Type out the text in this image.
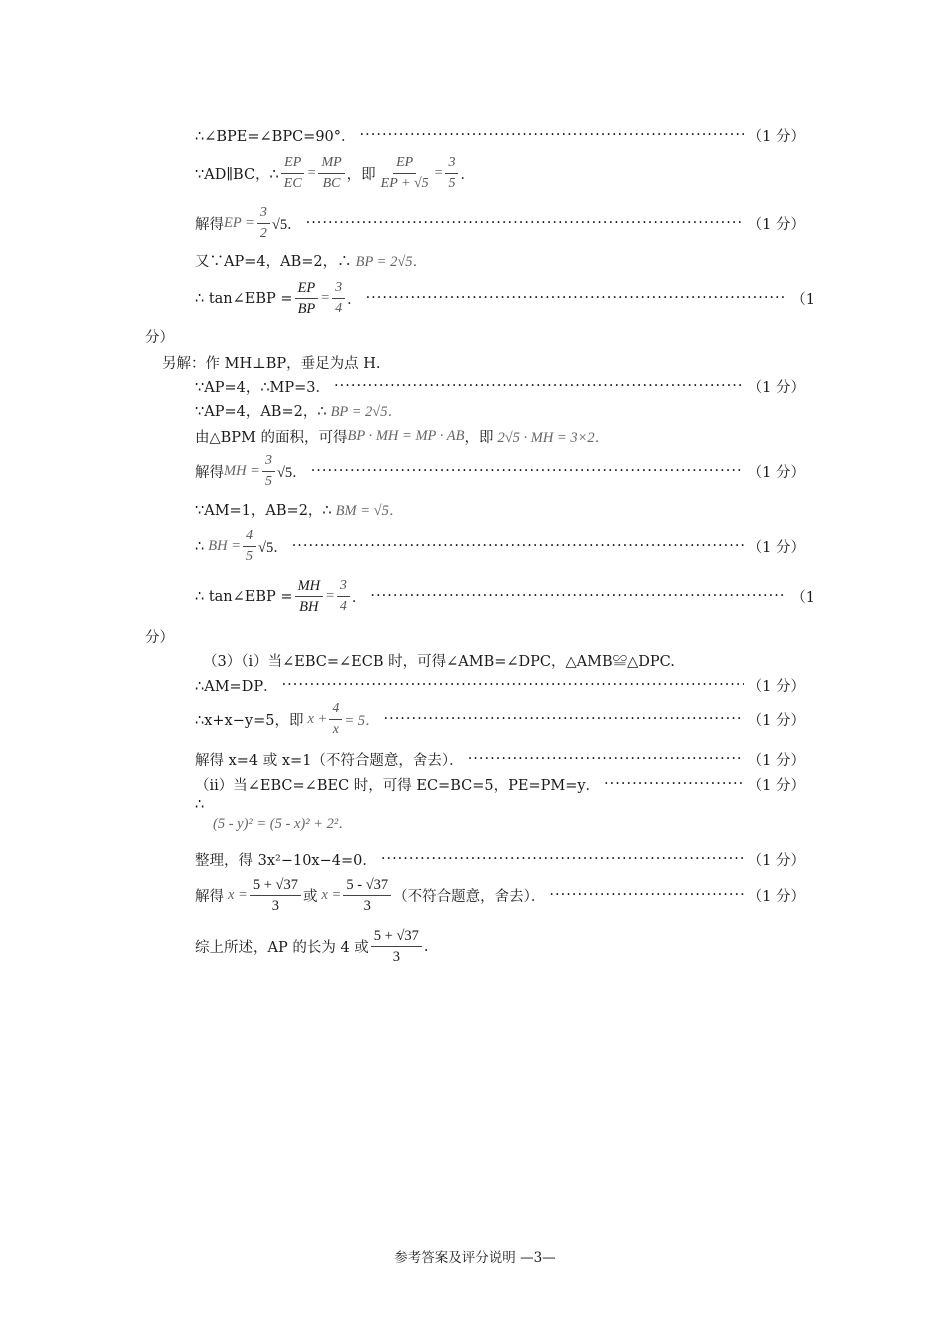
∴∠BPE=∠BPC=90°． ·····	（1 分）
∵AD∥BC，∴ $\frac{EP}{EC} = \frac{MP}{BC}$ ，即 $\frac{EP}{EP + √5} = \frac{3}{5}$ ．
解得 EP = $\frac{3}{2} √5$． ·····	（1 分）
又∵AP=4，AB=2，∴ BP = 2√5．
∴ tan∠EBP = $\frac{EP}{BP} = \frac{3}{4}$ ． ·····	（1
分）
另解：作 MH⊥BP，垂足为点 H.
∵AP=4，∴MP=3． ·····	（1 分）
∵AP=4，AB=2，∴ BP = 2√5．
由△BPM 的面积，可得 BP · MH = MP · AB ，即 2√5 · MH = 3×2．
解得 MH = $\frac{3}{5} √5$． ·····	（1 分）
∵AM=1，AB=2，∴ BM = √5．
∴ BH = $\frac{4}{5} √5$． ·····	（1 分）
∴ tan∠EBP = $\frac{MH}{BH} = \frac{3}{4}$ ． ·····	（1
分）
（3）（i）当∠EBC=∠ECB 时，可得∠AMB=∠DPC，△AMB≌△DPC.
∴AM=DP． ·····	（1 分）
∴x+x−y=5，即 $x + \frac{4}{x} = 5$． ·····	（1 分）
解得 x=4 或 x=1（不符合题意，舍去）． ·····	（1 分）
（ii）当∠EBC=∠BEC 时，可得 EC=BC=5，PE=PM=y． ·····	（1 分）
∴
(5 - y)² = (5 - x)² + 2²．
整理，得 3x²−10x−4=0． ·····	（1 分）
解得 $x = \frac{5 + √37}{3}$ 或 $x = \frac{5 - √37}{3}$ （不符合题意，舍去）． ·····	（1 分）
综上所述，AP 的长为 4 或 $\frac{5 + √37}{3}$ .
参考答案及评分说明 —3—
